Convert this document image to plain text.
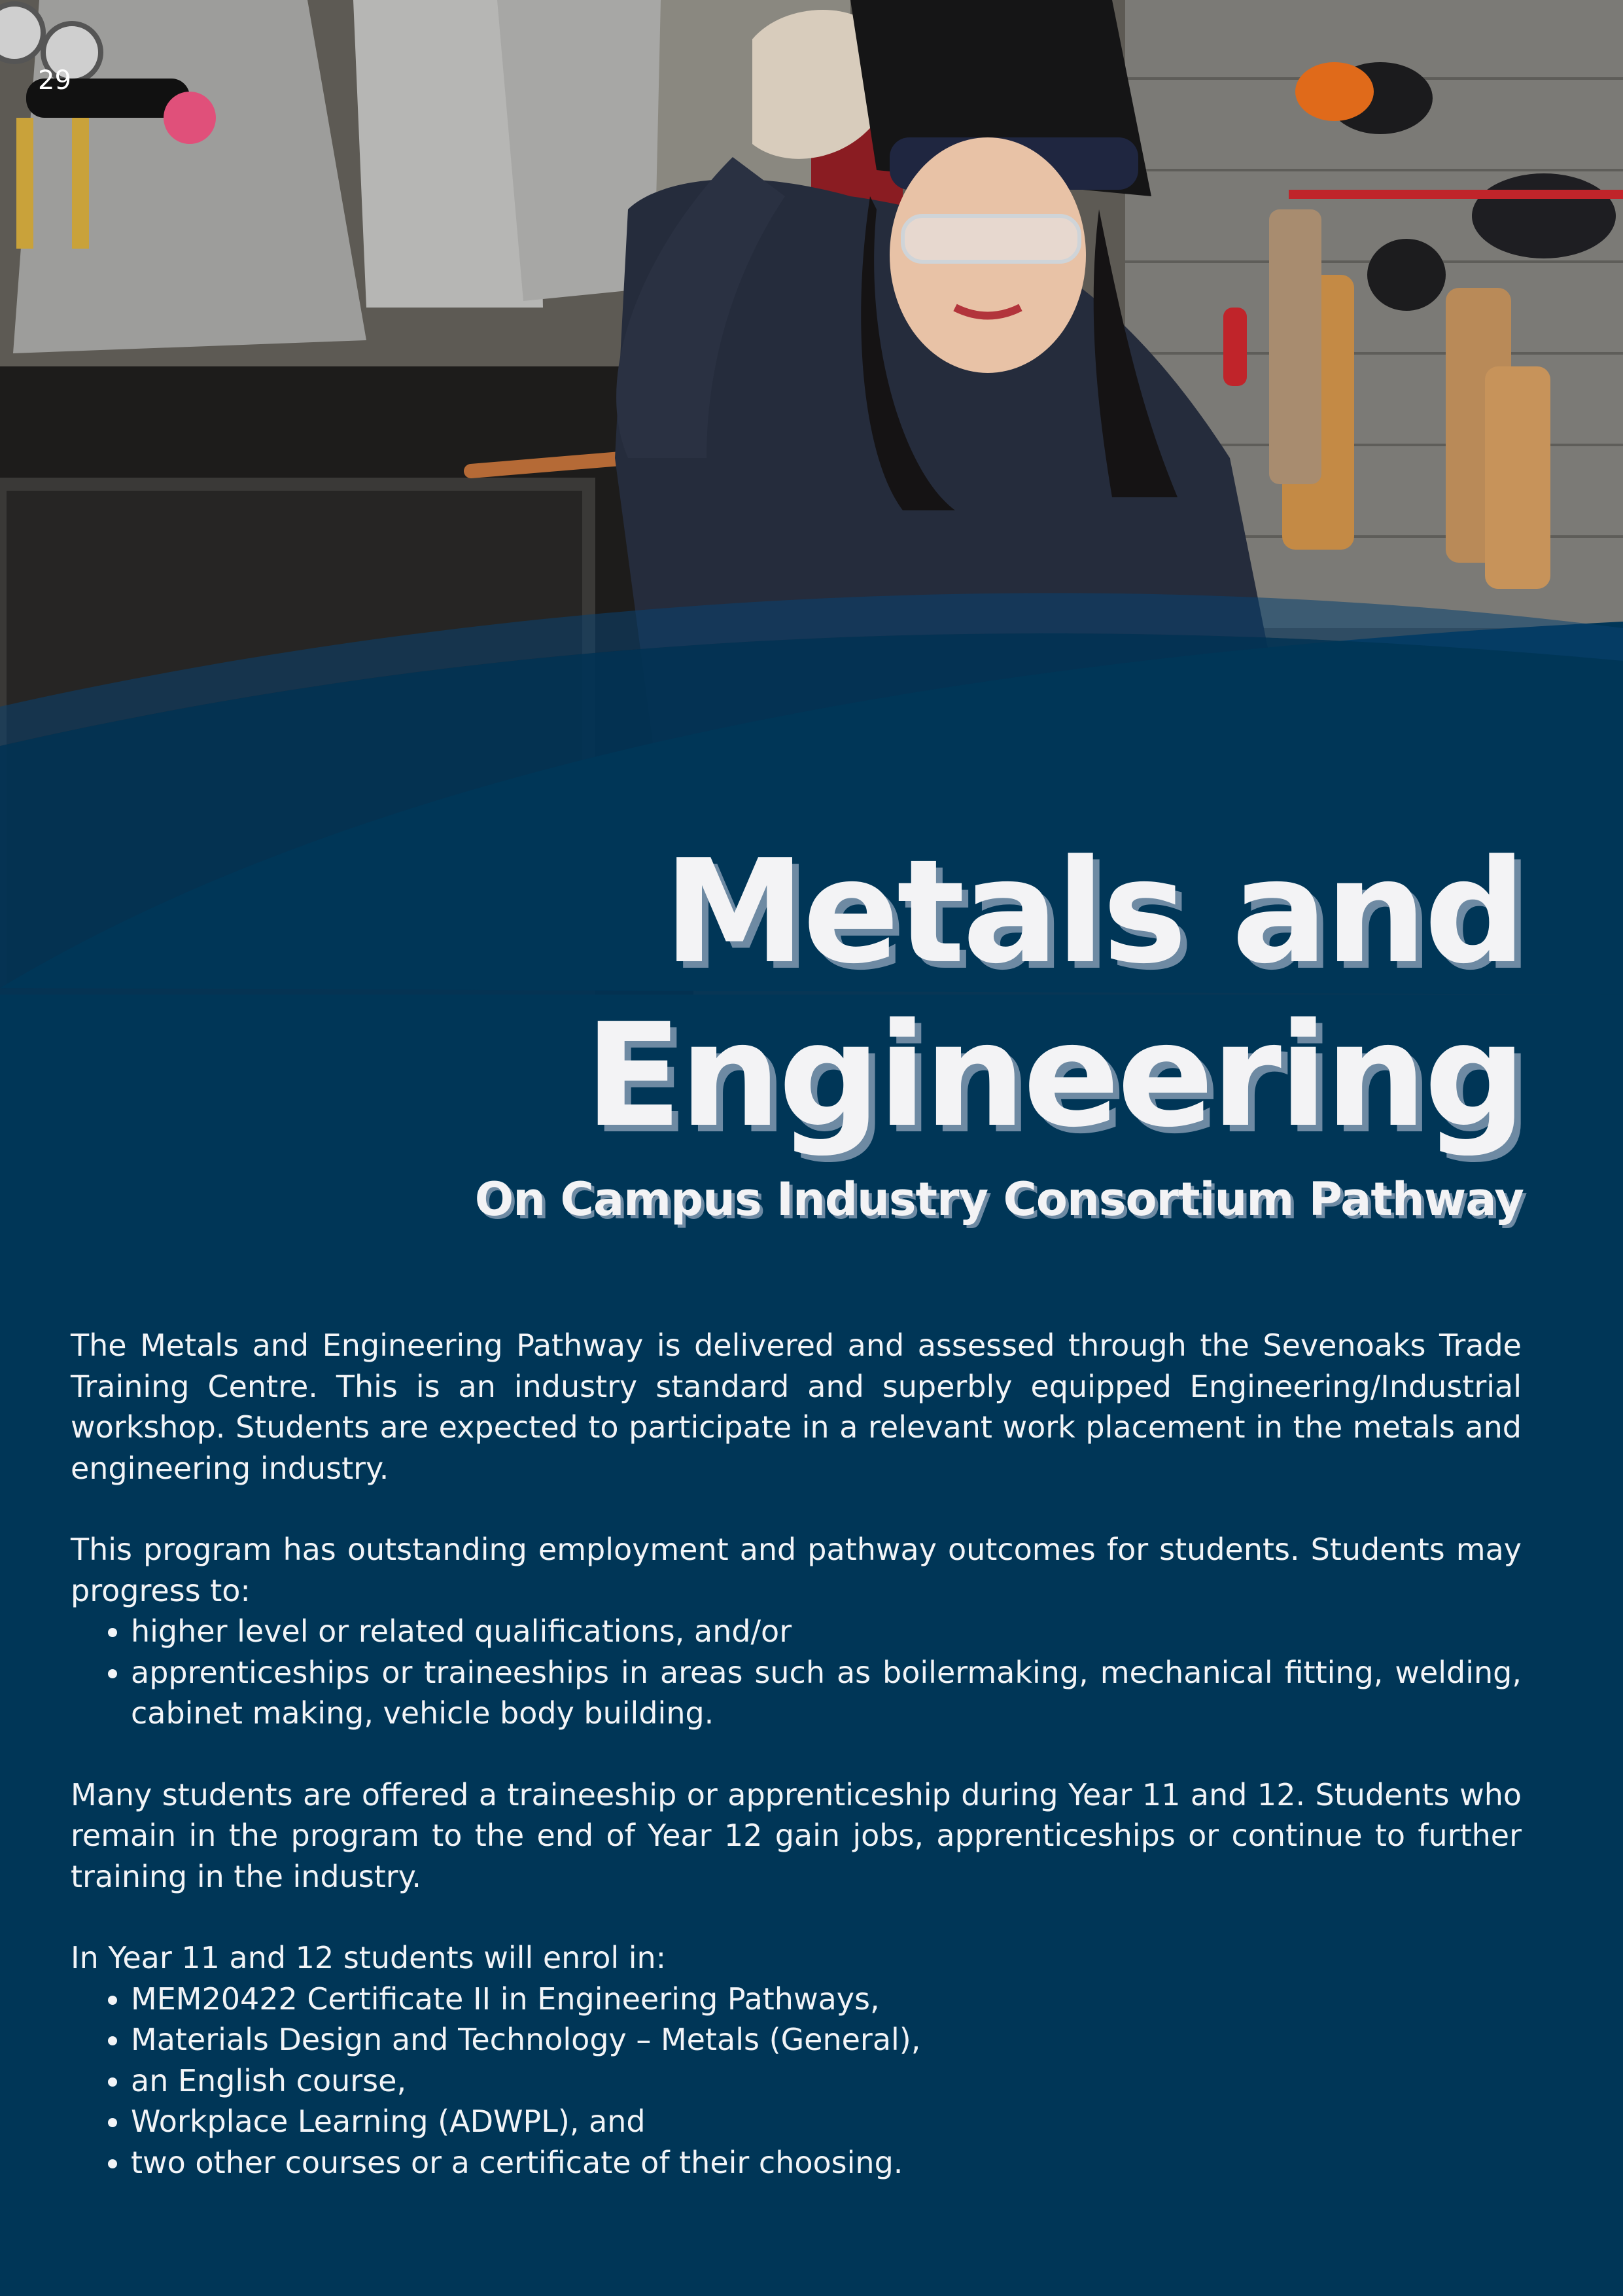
29
Metals and
Engineering
On Campus Industry Consortium Pathway

The Metals and Engineering Pathway is delivered and assessed through the Sevenoaks Trade Training Centre. This is an industry standard and superbly equipped Engineering/Industrial workshop. Students are expected to participate in a relevant work placement in the metals and engineering industry.

This program has outstanding employment and pathway outcomes for students. Students may progress to:

• higher level or related qualifications, and/or
• apprenticeships or traineeships in areas such as boilermaking, mechanical fitting, welding, cabinet making, vehicle body building.

Many students are offered a traineeship or apprenticeship during Year 11 and 12. Students who remain in the program to the end of Year 12 gain jobs, apprenticeships or continue to further training in the industry.

In Year 11 and 12 students will enrol in:

• MEM20422 Certificate II in Engineering Pathways,
• Materials Design and Technology – Metals (General),
• an English course,
• Workplace Learning (ADWPL), and
• two other courses or a certificate of their choosing.
